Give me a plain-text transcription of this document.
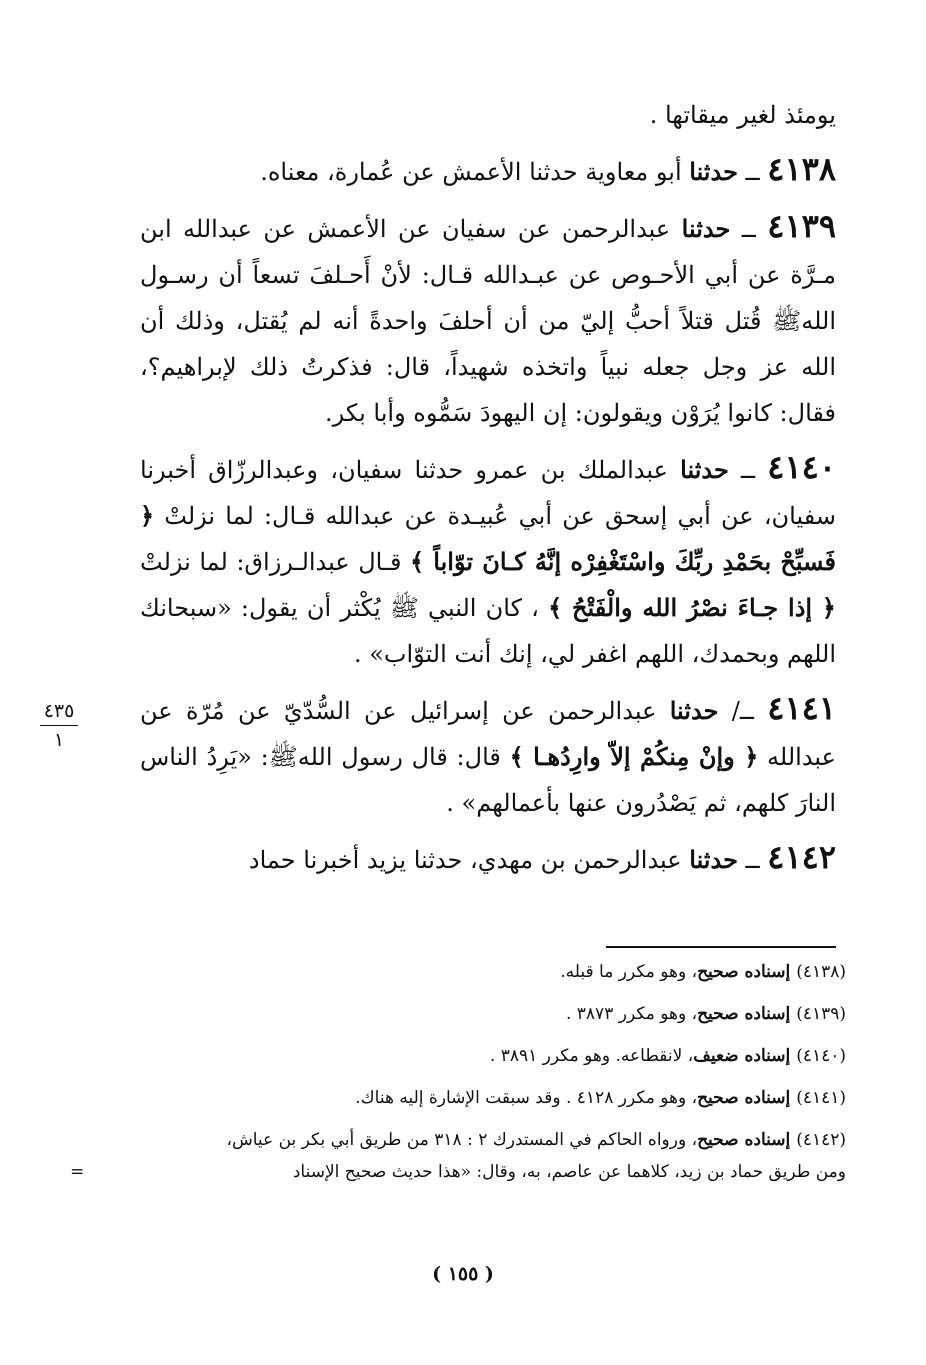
يومئذ لغير ميقاتها .

٤١٣٨ ــ حدثنا أبو معاوية حدثنا الأعمش عن عُمارة، معناه.

٤١٣٩ ــ حدثنا عبدالرحمن عن سفيان عن الأعمش عن عبدالله ابن مـرَّة عن أبي الأحـوص عن عبـدالله قـال: لأنْ أَحـلفَ تسعاً أن رسـول اللهﷺ قُتل قتلاً أحبُّ إليّ من أن أحلفَ واحدةً أنه لم يُقتل، وذلك أن الله عز وجل جعله نبياً واتخذه شهيداً، قال: فذكرتُ ذلك لإبراهيم؟، فقال: كانوا يُرَوْن ويقولون: إن اليهودَ سَمُّوه وأبا بكر.

٤١٤٠ ــ حدثنا عبدالملك بن عمرو حدثنا سفيان، وعبدالرزّاق أخبرنا سفيان، عن أبي إسحق عن أبي عُبيـدة عن عبدالله قـال: لما نزلتْ ﴿ فَسبِّحْ بحَمْدِ ربِّكَ واسْتَغْفِرْه إنَّهُ كـانَ توّاباً ﴾ قـال عبدالـرزاق: لما نزلتْ ﴿ إذا جـاءَ نصْرُ الله والْفَتْحُ ﴾ ، كان النبي ﷺ يُكْثر أن يقول: «سبحانك اللهم وبحمدك، اللهم اغفر لي، إنك أنت التوّاب» .

٤١٤١ ــ/ حدثنا عبدالرحمن عن إسرائيل عن السُّدّيّ عن مُرّة عن عبدالله ﴿ وإنْ مِنكُمْ إلاّ وارِدُهـا ﴾ قال: قال رسول اللهﷺ: «يَرِدُ الناس النارَ كلهم، ثم يَصْدُرون عنها بأعمالهم» .

٤١٤٢ ــ حدثنا عبدالرحمن بن مهدي، حدثنا يزيد أخبرنا حماد

٤٣٥
١
(٤١٣٨) إسناده صحيح، وهو مكرر ما قبله.
(٤١٣٩) إسناده صحيح، وهو مكرر ٣٨٧٣ .
(٤١٤٠) إسناده ضعيف، لانقطاعه. وهو مكرر ٣٨٩١ .
(٤١٤١) إسناده صحيح، وهو مكرر ٤١٢٨ . وقد سبقت الإشارة إليه هناك.
(٤١٤٢) إسناده صحيح، ورواه الحاكم في المستدرك ٢ : ٣١٨ من طريق أبي بكر بن عياش،
ومن طريق حماد بن زيد، كلاهما عن عاصم، به، وقال: «هذا حديث صحيح الإسناد
=
( ١٥٥ )
